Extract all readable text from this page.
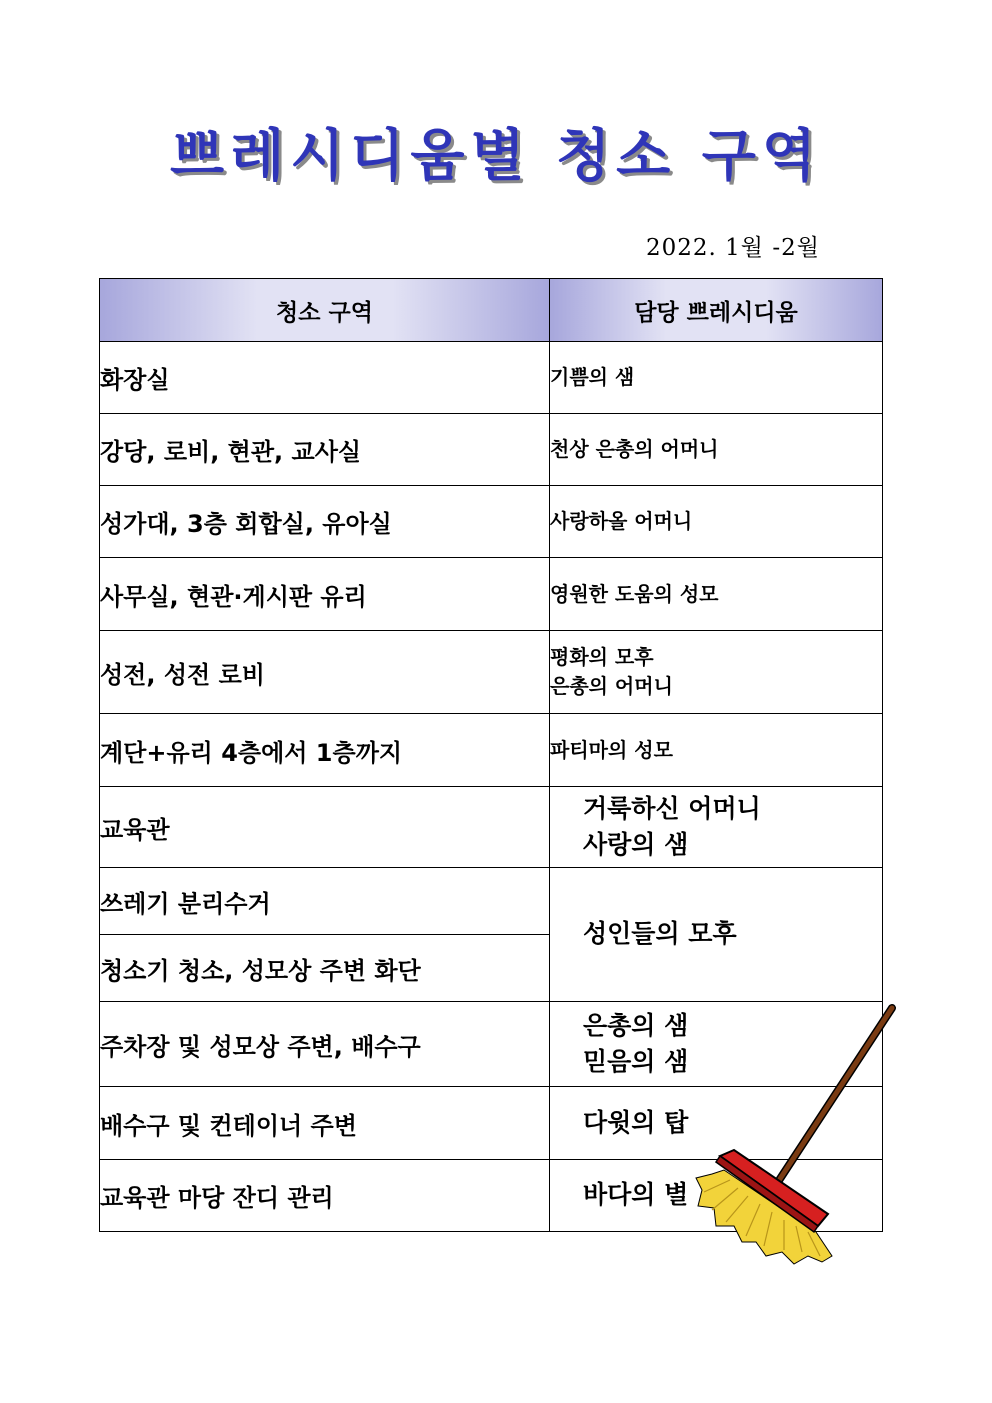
쁘레시디움별 청소 구역
2022. 1월 -2월
청소 구역	담당 쁘레시디움
화장실	기쁨의 샘

강당, 로비, 현관, 교사실	천상 은총의 어머니

성가대, 3층 회합실, 유아실	사랑하올 어머니

사무실, 현관·게시판 유리	영원한 도움의 성모

성전, 성전 로비	평화의 모후
은총의 어머니

계단+유리 4층에서 1층까지	파티마의 성모

교육관	거룩하신 어머니
사랑의 샘

쓰레기 분리수거	성인들의 모후

청소기 청소, 성모상 주변 화단	
주차장 및 성모상 주변, 배수구	은총의 샘
믿음의 샘

배수구 및 컨테이너 주변	다윗의 탑

교육관 마당 잔디 관리	바다의 별
